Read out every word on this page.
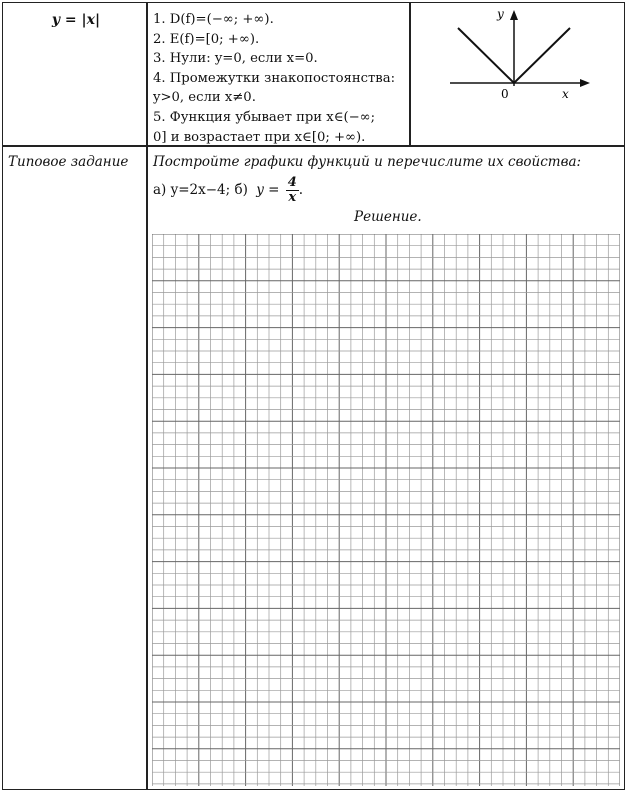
y = |x|	1. D(f)=(−∞; +∞).
2. E(f)=[0; +∞).
3. Нули: y=0, если x=0.
4. Промежутки знакопостоянства:
y>0, если x≠0.
5. Функция убывает при x∈(−∞;
0] и возрастает при x∈[0; +∞).
y
x
0
Типовое задание	Постройте графики функций и перечислите их свойства:
а) y=2x−4; б) $y = \frac{4}{x}$ .
Решение.
